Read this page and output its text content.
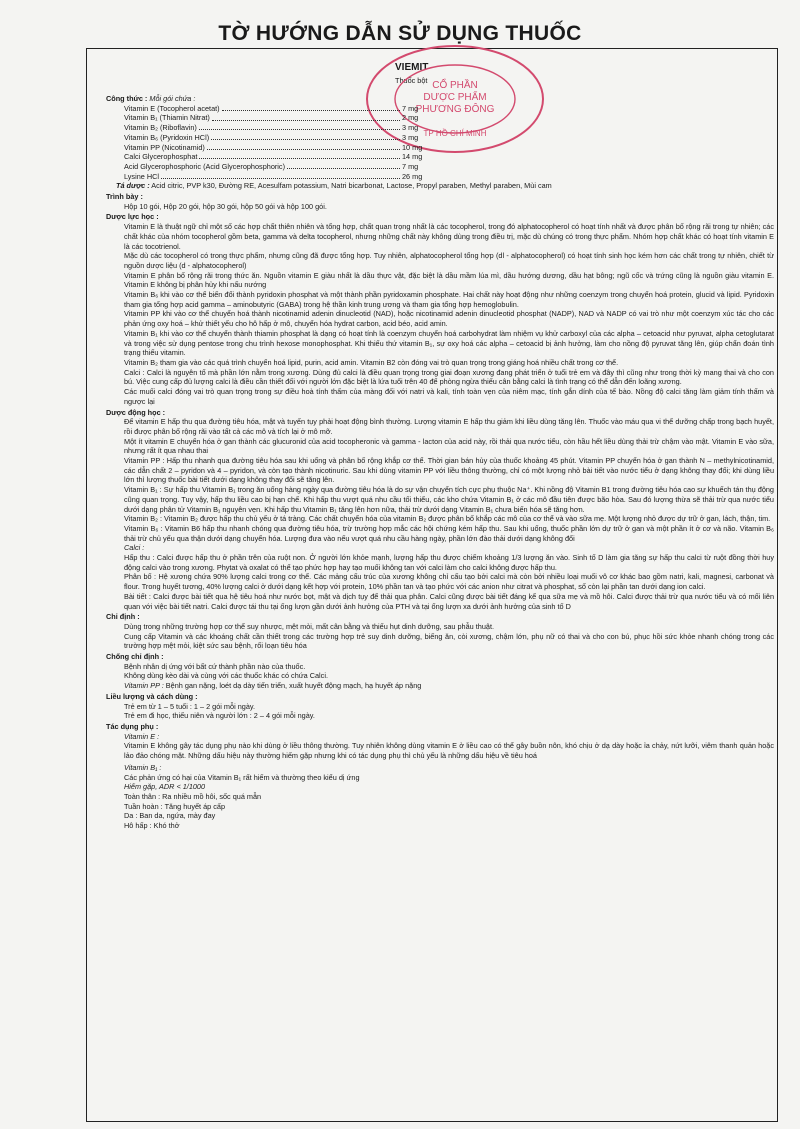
TỜ HƯỚNG DẪN SỬ DỤNG THUỐC
VIEMIT
Thuốc bột CỔ PHẦN
DƯỢC PHẨM
PHƯƠNG ĐÔNG
TP HỒ CHÍ MINH
Công thức : Mỗi gói chứa :
Vitamin E (Tocopherol acetat)	7 mg
Vitamin B₁ (Thiamin Nitrat)	2 mg
Vitamin B₂ (Riboflavin)	3 mg
Vitamin B₆ (Pyridoxin HCl)	3 mg
Vitamin PP (Nicotinamid)	10 mg
Calci Glycerophosphat	14 mg
Acid Glycerophosphoric (Acid Glycerophosphoric)	7 mg
Lysine HCl	26 mg
Tá dược : Acid citric, PVP k30, Đường RE, Acesulfam potassium, Natri bicarbonat, Lactose, Propyl paraben, Methyl paraben, Mùi cam
Trình bày :
Hộp 10 gói, Hộp 20 gói, hộp 30 gói, hộp 50 gói và hộp 100 gói.
Dược lực học :
Vitamin E là thuật ngữ chỉ một số các hợp chất thiên nhiên và tổng hợp, chất quan trọng nhất là các tocopherol, trong đó alphatocopherol có hoạt tính nhất và được phân bố rộng rãi trong tự nhiên; các chất khác của nhóm tocopherol gồm beta, gamma và delta tocopherol, nhưng những chất này không dùng trong điều trị, mặc dù chúng có trong thực phẩm. Nhóm hợp chất khác có hoạt tính vitamin E là các tocotrienol.
Mặc dù các tocopherol có trong thực phẩm, nhưng cũng đã được tổng hợp. Tuy nhiên, alphatocopherol tổng hợp (dl - alphatocopherol) có hoạt tính sinh học kém hơn các chất trong tự nhiên, chiết từ nguồn dược liệu (d - alphatocopherol)
Vitamin E phân bố rộng rãi trong thức ăn. Nguồn vitamin E giàu nhất là dầu thực vật, đặc biệt là dầu mầm lúa mì, dầu hướng dương, dầu hạt bông; ngũ cốc và trứng cũng là nguồn giàu vitamin E. Vitamin E không bị phân hủy khi nấu nướng
Vitamin B₆ khi vào cơ thể biến đổi thành pyridoxin phosphat và một thành phần pyridoxamin phosphate. Hai chất này hoạt động như những coenzym trong chuyển hoá protein, glucid và lipid. Pyridoxin tham gia tổng hợp acid gamma – aminobutyric (GABA) trong hệ thần kinh trung ương và tham gia tổng hợp hemoglobulin.
Vitamin PP khi vào cơ thể chuyển hoá thành nicotinamid adenin dinucleotid (NAD), hoặc nicotinamid adenin dinucleotid phosphat (NADP), NAD và NADP có vai trò như một coenzym xúc tác cho các phản ứng oxy hoá – khử thiết yếu cho hô hấp ở mô, chuyển hóa hydrat carbon, acid béo, acid amin.
Vitamin B₁ khi vào cơ thể chuyển thành thiamin phosphat là dạng có hoạt tính là coenzym chuyển hoá carbohydrat làm nhiệm vụ khử carboxyl của các alpha – cetoacid như pyruvat, alpha cetoglutarat và trong việc sử dụng pentose trong chu trình hexose monophosphat. Khi thiếu thứ vitamin B₁, sự oxy hoá các alpha – cetoacid bị ảnh hưởng, làm cho nồng độ pyruvat tăng lên, giúp chẩn đoán tình trạng thiếu vitamin.
Vitamin B₂ tham gia vào các quá trình chuyển hoá lipid, purin, acid amin. Vitamin B2 còn đóng vai trò quan trọng trong giáng hoá nhiều chất trong cơ thể.
Calci : Calci là nguyên tố mà phần lớn nằm trong xương. Dùng đủ calci là điều quan trọng trong giai đoạn xương đang phát triển ở tuổi trẻ em và đây thì cũng như trong thời kỳ mang thai và cho con bú. Việc cung cấp đủ lượng calci là điều cần thiết đối với người lớn đặc biệt là lứa tuổi trên 40 để phòng ngừa thiếu cân bằng calci là tình trạng có thể dẫn đến loãng xương.
Các muối calci đóng vai trò quan trọng trong sự điều hoà tính thấm của màng đối với natri và kali, tính toàn vẹn của niêm mạc, tính gắn dính của tế bào. Nồng độ calci tăng làm giảm tính thấm và ngược lại
Dược động học :
Để vitamin E hấp thu qua đường tiêu hóa, mật và tuyến tụy phải hoạt động bình thường. Lượng vitamin E hấp thu giảm khi liều dùng tăng lên. Thuốc vào máu qua vi thể dưỡng chấp trong bạch huyết, rồi được phân bố rộng rãi vào tất cả các mô và tích lại ở mô mỡ.
Một ít vitamin E chuyển hóa ở gan thành các glucuronid của acid tocopheronic và gamma - lacton của acid này, rồi thải qua nước tiểu, còn hầu hết liều dùng thải trừ chậm vào mật. Vitamin E vào sữa, nhưng rất ít qua nhau thai
Vitamin PP : Hấp thu nhanh qua đường tiêu hóa sau khi uống và phân bố rộng khắp cơ thể. Thời gian bán hủy của thuốc khoảng 45 phút. Vitamin PP chuyển hóa ở gan thành N – methylnicotinamid, các dẫn chất 2 – pyridon và 4 – pyridon, và còn tạo thành nicotinuric. Sau khi dùng vitamin PP với liều thông thường, chỉ có một lượng nhỏ bài tiết vào nước tiểu ở dạng không thay đổi; khi dùng liều lớn thì lượng thuốc bài tiết dưới dạng không thay đổi sẽ tăng lên.
Vitamin B₁ : Sự hấp thu Vitamin B₁ trong ăn uống hàng ngày qua đường tiêu hóa là do sự vận chuyển tích cực phụ thuộc Na⁺. Khi nồng độ Vitamin B1 trong đường tiêu hóa cao sự khuếch tán thụ động cũng quan trọng. Tuy vậy, hấp thu liều cao bị hạn chế. Khi hấp thu vượt quá nhu cầu tối thiểu, các kho chứa Vitamin B₁ ở các mô đầu tiên được bão hòa. Sau đó lượng thừa sẽ thải trừ qua nước tiểu dưới dạng phân tử Vitamin B₁ nguyên vẹn. Khi hấp thu Vitamin B₁ tăng lên hơn nữa, thải trừ dưới dạng Vitamin B₁ chưa biến hóa sẽ tăng hơn.
Vitamin B₂ : Vitamin B₂ được hấp thu chủ yếu ở tá tràng. Các chất chuyển hóa của vitamin B₂ được phân bố khắp các mô của cơ thể và vào sữa mẹ. Một lượng nhỏ được dự trữ ở gan, lách, thận, tim.
Vitamin B₆ : Vitamin B6 hấp thu nhanh chóng qua đường tiêu hóa, trừ trường hợp mắc các hội chứng kém hấp thu. Sau khi uống, thuốc phần lớn dự trữ ở gan và một phần ít ở cơ và não. Vitamin B₆ thải trừ chủ yếu qua thận dưới dạng chuyển hóa. Lượng đưa vào nếu vượt quá nhu cầu hàng ngày, phần lớn đào thải dưới dạng không đổi
Calci :
Hấp thu : Calci được hấp thu ở phần trên của ruột non. Ở người lớn khỏe mạnh, lượng hấp thu được chiếm khoảng 1/3 lượng ăn vào. Sinh tố D làm gia tăng sự hấp thu calci từ ruột đồng thời huy động calci vào trong xương. Phytat và oxalat có thể tạo phức hợp hay tạo muối không tan với calci làm cho calci không được hấp thu.
Phân bố : Hệ xương chứa 90% lượng calci trong cơ thể. Các mảng cấu trúc của xương không chỉ cấu tạo bởi calci mà còn bởi nhiều loại muối vô cơ khác bao gồm natri, kali, magnesi, carbonat và flour. Trong huyết tương, 40% lượng calci ở dưới dạng kết hợp với protein, 10% phần tan và tạo phức với các anion như citrat và phosphat, số còn lại phần tan dưới dạng ion calci.
Bài tiết : Calci được bài tiết qua hệ tiêu hoá như nước bọt, mật và dịch tụy để thải qua phân. Calci cũng được bài tiết đáng kể qua sữa mẹ và mồ hôi. Calci được thải trừ qua nước tiểu và có mối liên quan với việc bài tiết natri. Calci được tái thu tại ống lượn gần dưới ảnh hưởng của PTH và tại ống lượn xa dưới ảnh hưởng của sinh tố D
Chỉ định :
Dùng trong những trường hợp cơ thể suy nhược, mệt mỏi, mất cân bằng và thiếu hụt dinh dưỡng, sau phẫu thuật.
Cung cấp Vitamin và các khoáng chất cần thiết trong các trường hợp trẻ suy dinh dưỡng, biếng ăn, còi xương, chậm lớn, phụ nữ có thai và cho con bú, phục hồi sức khỏe nhanh chóng trong các trường hợp mệt mỏi, kiệt sức sau bệnh, rối loạn tiêu hóa
Chống chỉ định :
Bệnh nhân dị ứng với bất cứ thành phần nào của thuốc.
Không dùng kèo dài và cùng với các thuốc khác có chứa Calci.
Vitamin PP : Bệnh gan nặng, loét dạ dày tiến triển, xuất huyết động mạch, hạ huyết áp nặng
Liều lượng và cách dùng :
Trẻ em từ 1 – 5 tuổi : 1 – 2 gói mỗi ngày.
Trẻ em đi học, thiếu niên và người lớn : 2 – 4 gói mỗi ngày.
Tác dụng phụ :
Vitamin E :
Vitamin E không gây tác dụng phụ nào khi dùng ở liều thông thường. Tuy nhiên không dùng vitamin E ở liều cao có thể gây buồn nôn, khó chịu ở dạ dày hoặc ỉa chảy, nứt lưỡi, viêm thanh quản hoặc lảo đảo chóng mặt. Những dấu hiệu này thường hiếm gặp nhưng khi có tác dụng phụ thì chủ yếu là những dấu hiệu về tiêu hoá
Vitamin B₁ :
Các phản ứng có hại của Vitamin B₁ rất hiếm và thường theo kiểu dị ứng
Hiếm gặp, ADR < 1/1000
Toàn thân : Ra nhiều mồ hôi, sốc quá mẫn
Tuần hoàn : Tăng huyết áp cấp
Da : Ban da, ngứa, mày đay
Hô hấp : Khó thở
